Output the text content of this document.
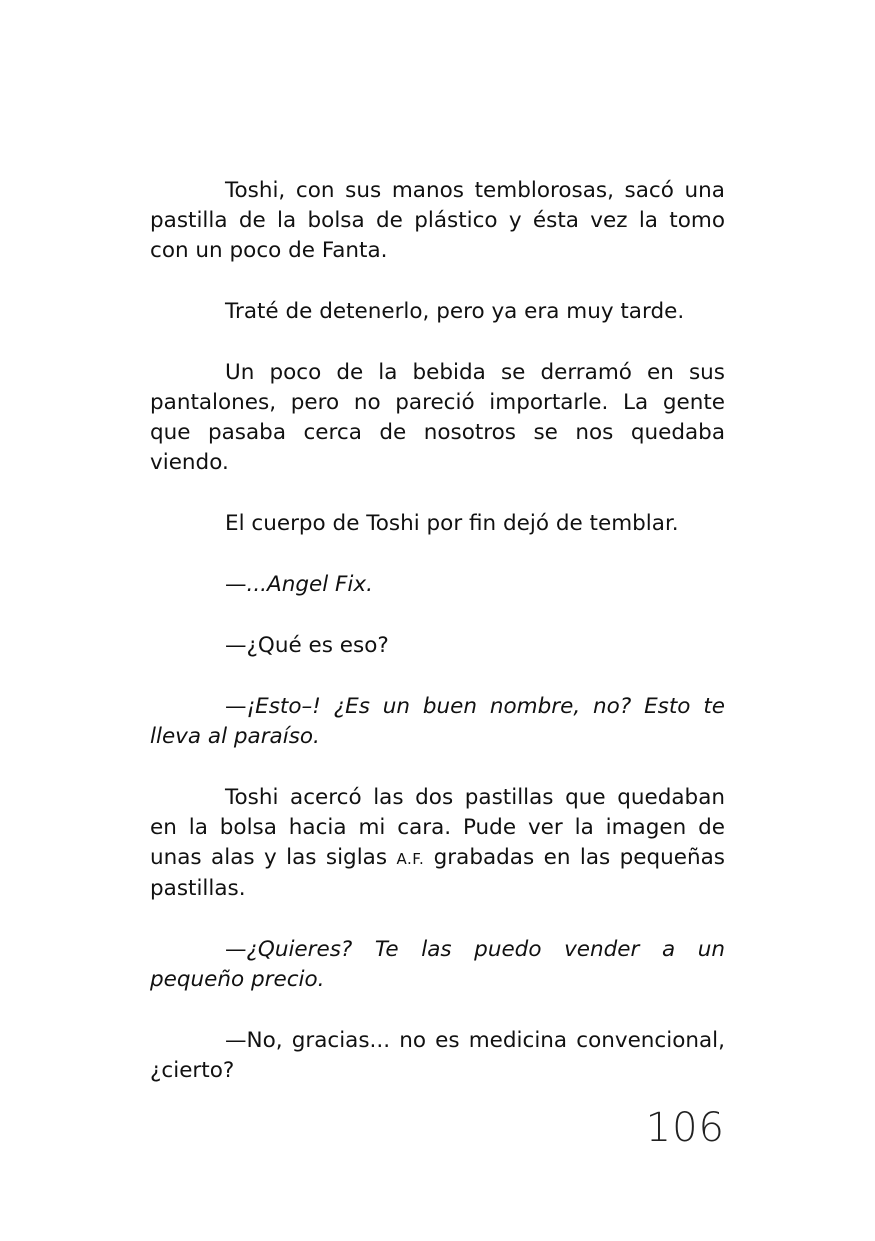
Toshi, con sus manos temblorosas, sacó una pastilla de la bolsa de plástico y ésta vez la tomo con un poco de Fanta.

Traté de detenerlo, pero ya era muy tarde.

Un poco de la bebida se derramó en sus pantalones, pero no pareció importarle. La gente que pasaba cerca de nosotros se nos quedaba viendo.

El cuerpo de Toshi por fin dejó de temblar.

—...Angel Fix.

—¿Qué es eso?

—¡Esto–! ¿Es un buen nombre, no? Esto te lleva al paraíso.

Toshi acercó las dos pastillas que quedaban en la bolsa hacia mi cara. Pude ver la imagen de unas alas y las siglas A.F. grabadas en las pequeñas pastillas.

—¿Quieres? Te las puedo vender a un pequeño precio.

—No, gracias... no es medicina convencional, ¿cierto?

106
